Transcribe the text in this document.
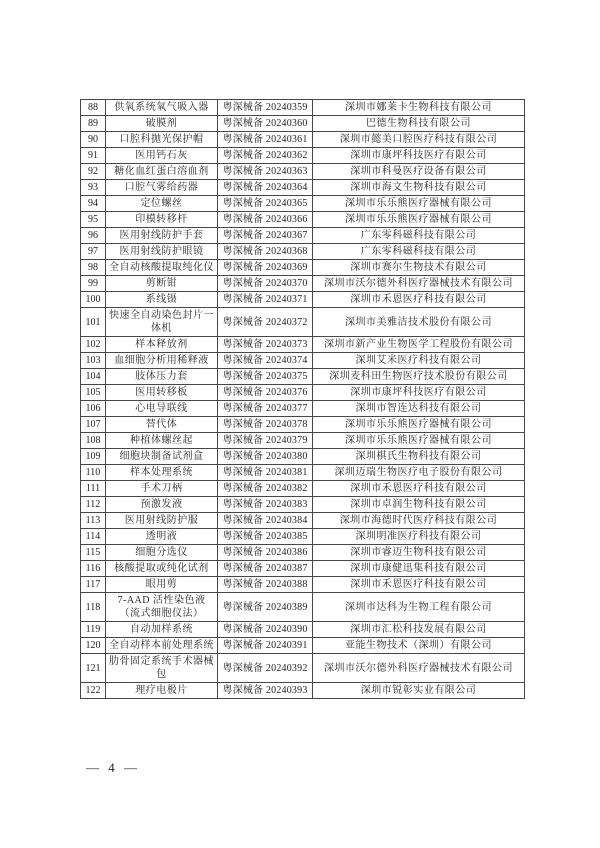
88	供氧系统氧气吸入器	粤深械备 20240359	深圳市娜莱卡生物科技有限公司
89	破膜剂	粤深械备 20240360	巴德生物科技有限公司
90	口腔科抛光保护帽	粤深械备 20240361	深圳市懿美口腔医疗科技有限公司
91	医用钙石灰	粤深械备 20240362	深圳市康坪科技医疗有限公司
92	糖化血红蛋白溶血剂	粤深械备 20240363	深圳市科曼医疗设备有限公司
93	口腔气雾给药器	粤深械备 20240364	深圳市海文生物科技有限公司
94	定位螺丝	粤深械备 20240365	深圳市乐乐熊医疗器械有限公司
95	印模转移杆	粤深械备 20240366	深圳市乐乐熊医疗器械有限公司
96	医用射线防护手套	粤深械备 20240367	广东零科磁科技有限公司
97	医用射线防护眼镜	粤深械备 20240368	广东零科磁科技有限公司
98	全自动核酸提取纯化仪	粤深械备 20240369	深圳市赛尔生物技术有限公司
99	剪断钳	粤深械备 20240370	深圳市沃尔德外科医疗器械技术有限公司
100	系线镊	粤深械备 20240371	深圳市禾恩医疗科技有限公司
101	快速全自动染色封片一体机	粤深械备 20240372	深圳市美雅洁技术股份有限公司
102	样本释放剂	粤深械备 20240373	深圳市新产业生物医学工程股份有限公司
103	血细胞分析用稀释液	粤深械备 20240374	深圳艾米医疗科技有限公司
104	肢体压力套	粤深械备 20240375	深圳麦科田生物医疗技术股份有限公司
105	医用转移板	粤深械备 20240376	深圳市康坪科技医疗有限公司
106	心电导联线	粤深械备 20240377	深圳市智连达科技有限公司
107	替代体	粤深械备 20240378	深圳市乐乐熊医疗器械有限公司
108	种植体螺丝起	粤深械备 20240379	深圳市乐乐熊医疗器械有限公司
109	细胞块制备试剂盒	粤深械备 20240380	深圳棋氏生物科技有限公司
110	样本处理系统	粤深械备 20240381	深圳迈瑞生物医疗电子股份有限公司
111	手术刀柄	粤深械备 20240382	深圳市禾恩医疗科技有限公司
112	预激发液	粤深械备 20240383	深圳市卓润生物科技有限公司
113	医用射线防护服	粤深械备 20240384	深圳市海德时代医疗科技有限公司
114	透明液	粤深械备 20240385	深圳明准医疗科技有限公司
115	细胞分选仪	粤深械备 20240386	深圳市睿迈生物科技有限公司
116	核酸提取或纯化试剂	粤深械备 20240387	深圳市康健迅集科技有限公司
117	眼用剪	粤深械备 20240388	深圳市禾恩医疗科技有限公司
118	7-AAD 活性染色液（流式细胞仪法）	粤深械备 20240389	深圳市达科为生物工程有限公司
119	自动加样系统	粤深械备 20240390	深圳市汇松科技发展有限公司
120	全自动样本前处理系统	粤深械备 20240391	亚能生物技术（深圳）有限公司
121	肋骨固定系统手术器械包	粤深械备 20240392	深圳市沃尔德外科医疗器械技术有限公司
122	理疗电极片	粤深械备 20240393	深圳市锐彰实业有限公司
— 4 —
